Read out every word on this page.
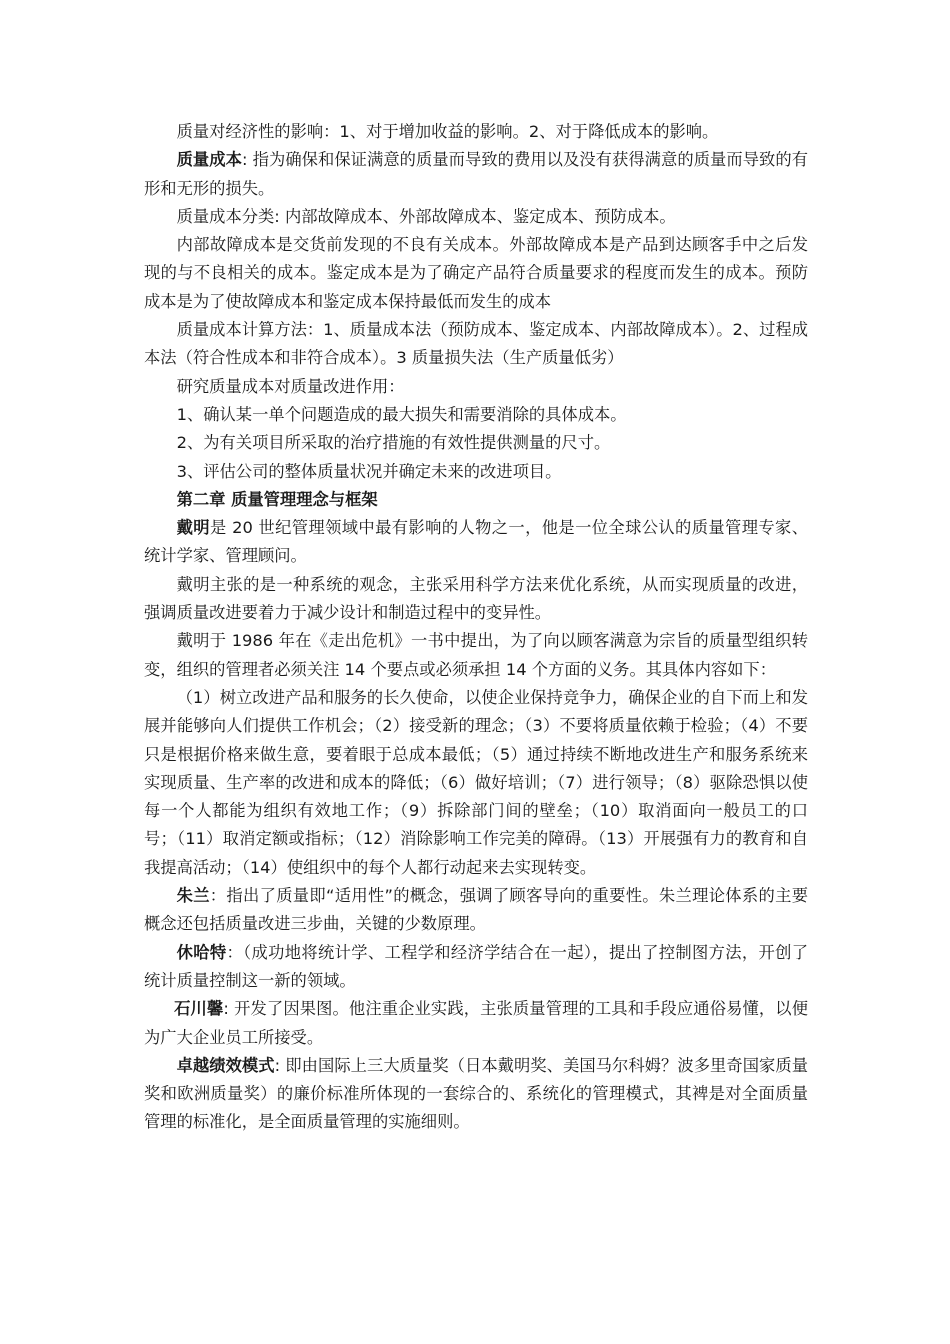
质量对经济性的影响：1、对于增加收益的影响。2、对于降低成本的影响。

质量成本: 指为确保和保证满意的质量而导致的费用以及没有获得满意的质量而导致的有形和无形的损失。

质量成本分类: 内部故障成本、外部故障成本、鉴定成本、预防成本。

内部故障成本是交货前发现的不良有关成本。外部故障成本是产品到达顾客手中之后发现的与不良相关的成本。鉴定成本是为了确定产品符合质量要求的程度而发生的成本。预防成本是为了使故障成本和鉴定成本保持最低而发生的成本

质量成本计算方法：1、质量成本法（预防成本、鉴定成本、内部故障成本）。2、过程成本法（符合性成本和非符合成本）。3 质量损失法（生产质量低劣）

研究质量成本对质量改进作用：

1、确认某一单个问题造成的最大损失和需要消除的具体成本。

2、为有关项目所采取的治疗措施的有效性提供测量的尺寸。

3、评估公司的整体质量状况并确定未来的改进项目。

第二章 质量管理理念与框架

戴明是 20 世纪管理领域中最有影响的人物之一，他是一位全球公认的质量管理专家、统计学家、管理顾问。

戴明主张的是一种系统的观念，主张采用科学方法来优化系统，从而实现质量的改进，强调质量改进要着力于减少设计和制造过程中的变异性。

戴明于 1986 年在《走出危机》一书中提出，为了向以顾客满意为宗旨的质量型组织转变，组织的管理者必须关注 14 个要点或必须承担 14 个方面的义务。其具体内容如下：

（1）树立改进产品和服务的长久使命，以使企业保持竞争力，确保企业的自下而上和发展并能够向人们提供工作机会；（2）接受新的理念；（3）不要将质量依赖于检验；（4）不要只是根据价格来做生意，要着眼于总成本最低；（5）通过持续不断地改进生产和服务系统来实现质量、生产率的改进和成本的降低；（6）做好培训；（7）进行领导；（8）驱除恐惧以使每一个人都能为组织有效地工作；（9）拆除部门间的壁垒；（10）取消面向一般员工的口号；（11）取消定额或指标；（12）消除影响工作完美的障碍。（13）开展强有力的教育和自我提高活动；（14）使组织中的每个人都行动起来去实现转变。

朱兰：指出了质量即“适用性”的概念，强调了顾客导向的重要性。朱兰理论体系的主要概念还包括质量改进三步曲，关键的少数原理。

休哈特：（成功地将统计学、工程学和经济学结合在一起），提出了控制图方法，开创了统计质量控制这一新的领域。

石川馨: 开发了因果图。他注重企业实践，主张质量管理的工具和手段应通俗易懂，以便为广大企业员工所接受。

卓越绩效模式: 即由国际上三大质量奖（日本戴明奖、美国马尔科姆？波多里奇国家质量奖和欧洲质量奖）的廉价标准所体现的一套综合的、系统化的管理模式，其裨是对全面质量管理的标准化，是全面质量管理的实施细则。
